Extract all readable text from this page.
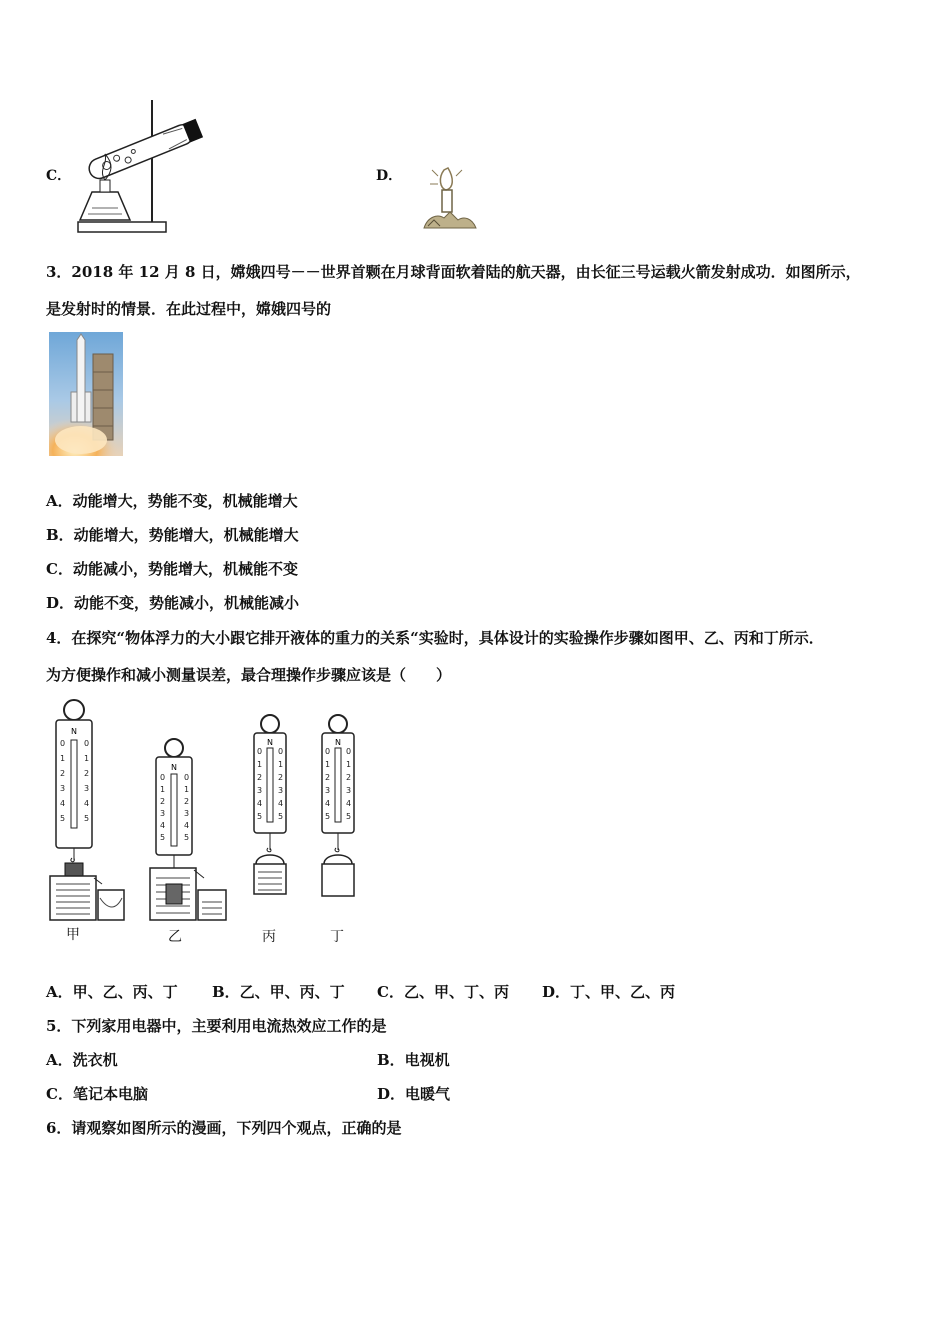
C．	D．
3．2018 年 12 月 8 日，嫦娥四号－－世界首颗在月球背面软着陆的航天器，由长征三号运载火箭发射成功．如图所示，
是发射时的情景．在此过程中，嫦娥四号的
A．动能增大，势能不变，机械能增大
B．动能增大，势能增大，机械能增大
C．动能减小，势能增大，机械能不变
D．动能不变，势能减小，机械能减小
4．在探究“物体浮力的大小跟它排开液体的重力的关系“实验时，具体设计的实验操作步骤如图甲、乙、丙和丁所示．
为方便操作和减小测量误差，最合理操作步骤应该是（　　）
N
0 0
1 1
2 2
3 3
4 4
5 5
甲
N
0 0
1 1
2 2
3 3
4 4
5 5
乙
N
0 0
1 1
2 2
3 3
4 4
5 5
丙
N
0 0
1 1
2 2
3 3
4 4
5 5
丁
A．甲、乙、丙、丁 B．乙、甲、丙、丁 C．乙、甲、丁、丙 D．丁、甲、乙、丙
5．下列家用电器中，主要利用电流热效应工作的是
A．洗衣机	B．电视机
C．笔记本电脑	D．电暖气
6．请观察如图所示的漫画，下列四个观点，正确的是
